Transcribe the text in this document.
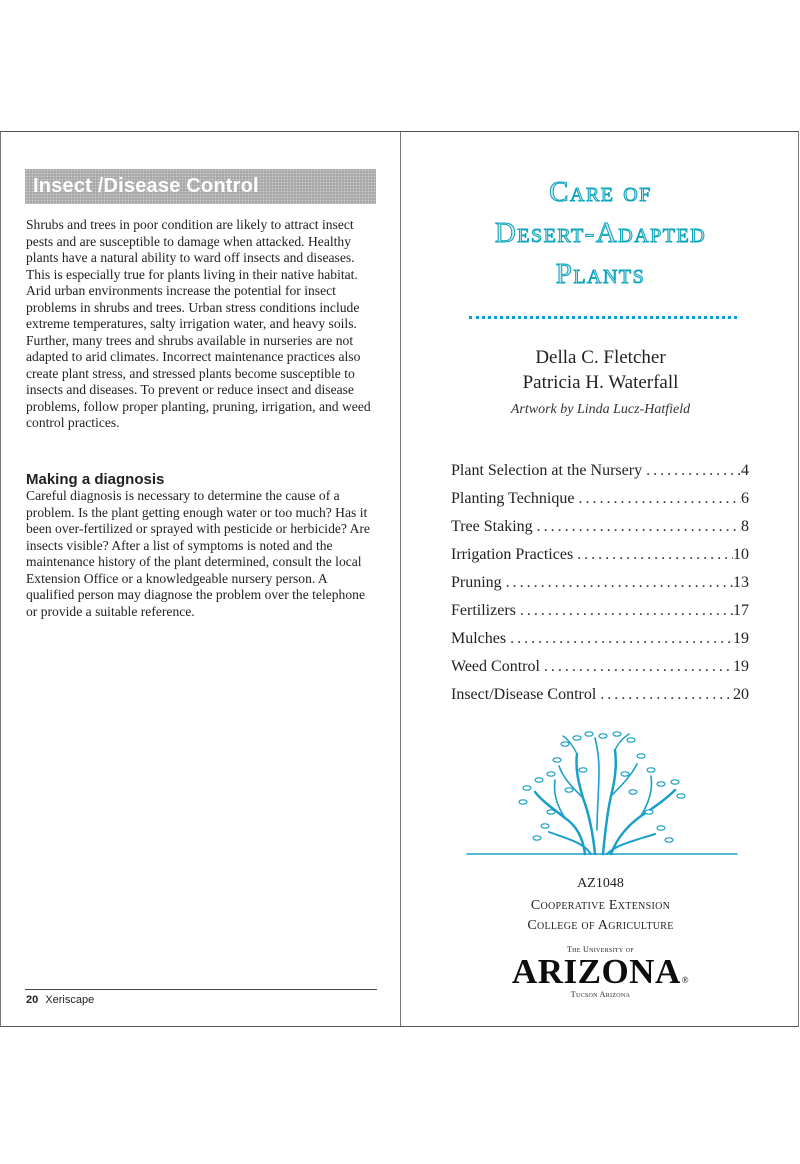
Insect /Disease Control

Shrubs and trees in poor condition are likely to attract insect pests and are susceptible to damage when attacked. Healthy plants have a natural ability to ward off insects and diseases. This is especially true for plants living in their native habitat. Arid urban environments increase the potential for insect problems in shrubs and trees. Urban stress conditions include extreme temperatures, salty irrigation water, and heavy soils. Further, many trees and shrubs available in nurseries are not adapted to arid climates. Incorrect maintenance practices also create plant stress, and stressed plants become susceptible to insects and diseases. To prevent or reduce insect and disease problems, follow proper planting, pruning, irrigation, and weed control practices.

Making a diagnosis

Careful diagnosis is necessary to determine the cause of a problem. Is the plant getting enough water or too much? Has it been over-fertilized or sprayed with pesticide or herbicide? Are insects visible? After a list of symptoms is noted and the maintenance history of the plant determined, consult the local Extension Office or a knowledgeable nursery person. A qualified person may diagnose the problem over the telephone or provide a suitable reference.

20 Xeriscape
Care of
Desert-Adapted
Plants
Della C. Fletcher
Patricia H. Waterfall
Artwork by Linda Lucz-Hatfield
Plant Selection at the Nursery .....	4
Planting Technique .....	6
Tree Staking .....	8
Irrigation Practices .....	10
Pruning .....	13
Fertilizers .....	17
Mulches .....	19
Weed Control .....	19
Insect/Disease Control .....	20
AZ1048
Cooperative Extension
College of Agriculture
The University of
ARIZONA®
Tucson Arizona
